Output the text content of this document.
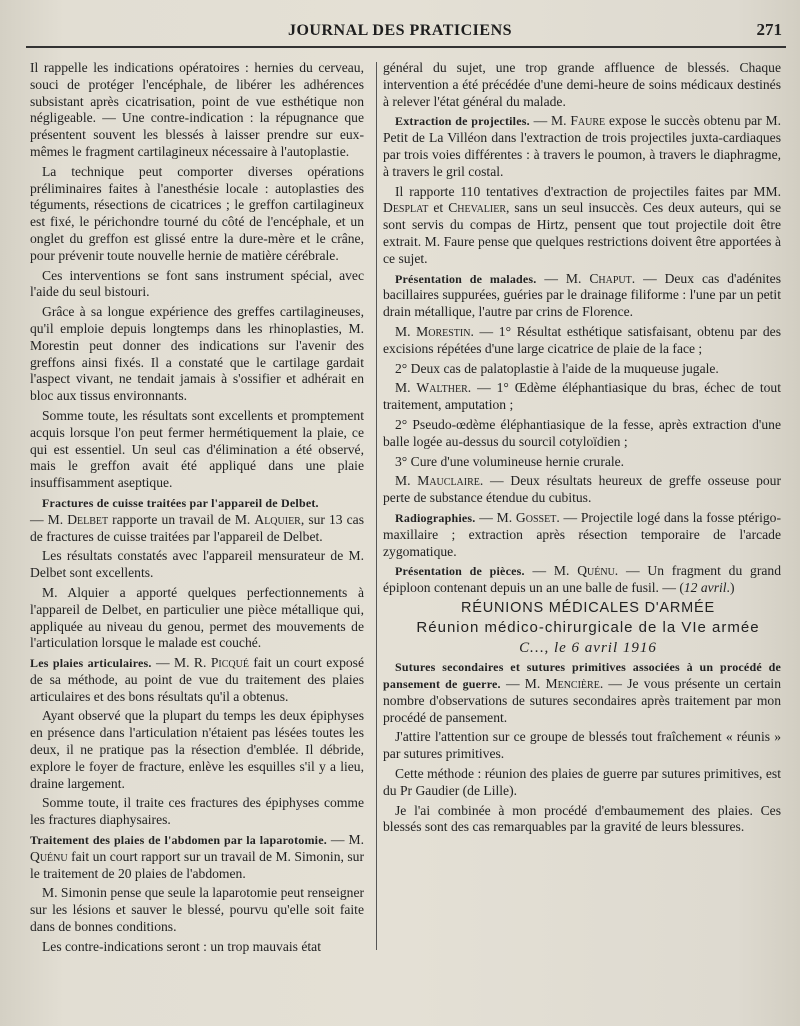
JOURNAL DES PRATICIENS	271

Il rappelle les indications opératoires : hernies du cerveau, souci de protéger l'encéphale, de libérer les adhérences subsistant après cicatrisation, point de vue esthétique non négligeable. — Une contre-indication : la répugnance que présentent souvent les blessés à laisser prendre sur eux-mêmes le fragment cartilagineux nécessaire à l'autoplastie.

La technique peut comporter diverses opérations préliminaires faites à l'anesthésie locale : autoplasties des téguments, résections de cicatrices ; le greffon cartilagineux est fixé, le périchondre tourné du côté de l'encéphale, et un onglet du greffon est glissé entre la dure-mère et le crâne, pour prévenir toute nouvelle hernie de matière cérébrale.

Ces interventions se font sans instrument spécial, avec l'aide du seul bistouri.

Grâce à sa longue expérience des greffes cartilagineuses, qu'il emploie depuis longtemps dans les rhinoplasties, M. Morestin peut donner des indications sur l'avenir des greffons ainsi fixés. Il a constaté que le cartilage gardait l'aspect vivant, ne tendait jamais à s'ossifier et adhérait en bloc aux tissus environnants.

Somme toute, les résultats sont excellents et promptement acquis lorsque l'on peut fermer hermétiquement la plaie, ce qui est essentiel. Un seul cas d'élimination a été observé, mais le greffon avait été appliqué dans une plaie insuffisamment aseptique.

Fractures de cuisse traitées par l'appareil de Delbet.
— M. Delbet rapporte un travail de M. Alquier, sur 13 cas de fractures de cuisse traitées par l'appareil de Delbet.

Les résultats constatés avec l'appareil mensurateur de M. Delbet sont excellents.

M. Alquier a apporté quelques perfectionnements à l'appareil de Delbet, en particulier une pièce métallique qui, appliquée au niveau du genou, permet des mouvements de l'articulation lorsque le malade est couché.

Les plaies articulaires. — M. R. Picqué fait un court exposé de sa méthode, au point de vue du traitement des plaies articulaires et des bons résultats qu'il a obtenus.

Ayant observé que la plupart du temps les deux épiphyses en présence dans l'articulation n'étaient pas lésées toutes les deux, il ne pratique pas la résection d'emblée. Il débride, explore le foyer de fracture, enlève les esquilles s'il y a lieu, draine largement.

Somme toute, il traite ces fractures des épiphyses comme les fractures diaphysaires.

Traitement des plaies de l'abdomen par la laparotomie. — M. Quénu fait un court rapport sur un travail de M. Simonin, sur le traitement de 20 plaies de l'abdomen.

M. Simonin pense que seule la laparotomie peut renseigner sur les lésions et sauver le blessé, pourvu qu'elle soit faite dans de bonnes conditions.

Les contre-indications seront : un trop mauvais état

général du sujet, une trop grande affluence de blessés. Chaque intervention a été précédée d'une demi-heure de soins médicaux destinés à relever l'état général du malade.

Extraction de projectiles. — M. Faure expose le succès obtenu par M. Petit de La Villéon dans l'extraction de trois projectiles juxta-cardiaques par trois voies différentes : à travers le poumon, à travers le diaphragme, à travers le gril costal.

Il rapporte 110 tentatives d'extraction de projectiles faites par MM. Desplat et Chevalier, sans un seul insuccès. Ces deux auteurs, qui se sont servis du compas de Hirtz, pensent que tout projectile doit être extrait. M. Faure pense que quelques restrictions doivent être apportées à ce sujet.

Présentation de malades. — M. Chaput. — Deux cas d'adénites bacillaires suppurées, guéries par le drainage filiforme : l'une par un petit drain métallique, l'autre par crins de Florence.

M. Morestin. — 1° Résultat esthétique satisfaisant, obtenu par des excisions répétées d'une large cicatrice de plaie de la face ;

2° Deux cas de palatoplastie à l'aide de la muqueuse jugale.

M. Walther. — 1° Œdème éléphantiasique du bras, échec de tout traitement, amputation ;

2° Pseudo-œdème éléphantiasique de la fesse, après extraction d'une balle logée au-dessus du sourcil cotyloïdien ;

3° Cure d'une volumineuse hernie crurale.

M. Mauclaire. — Deux résultats heureux de greffe osseuse pour perte de substance étendue du cubitus.

Radiographies. — M. Gosset. — Projectile logé dans la fosse ptérigo-maxillaire ; extraction après résection temporaire de l'arcade zygomatique.

Présentation de pièces. — M. Quénu. — Un fragment du grand épiploon contenant depuis un an une balle de fusil. — (12 avril.)

RÉUNIONS MÉDICALES D'ARMÉE

Réunion médico-chirurgicale de la VIe armée

C…, le 6 avril 1916

Sutures secondaires et sutures primitives associées à un procédé de pansement de guerre. — M. Mencière. — Je vous présente un certain nombre d'observations de sutures secondaires après traitement par mon procédé de pansement.

J'attire l'attention sur ce groupe de blessés tout fraîchement « réunis » par sutures primitives.

Cette méthode : réunion des plaies de guerre par sutures primitives, est du Pr Gaudier (de Lille).

Je l'ai combinée à mon procédé d'embaumement des plaies. Ces blessés sont des cas remarquables par la gravité de leurs blessures.
